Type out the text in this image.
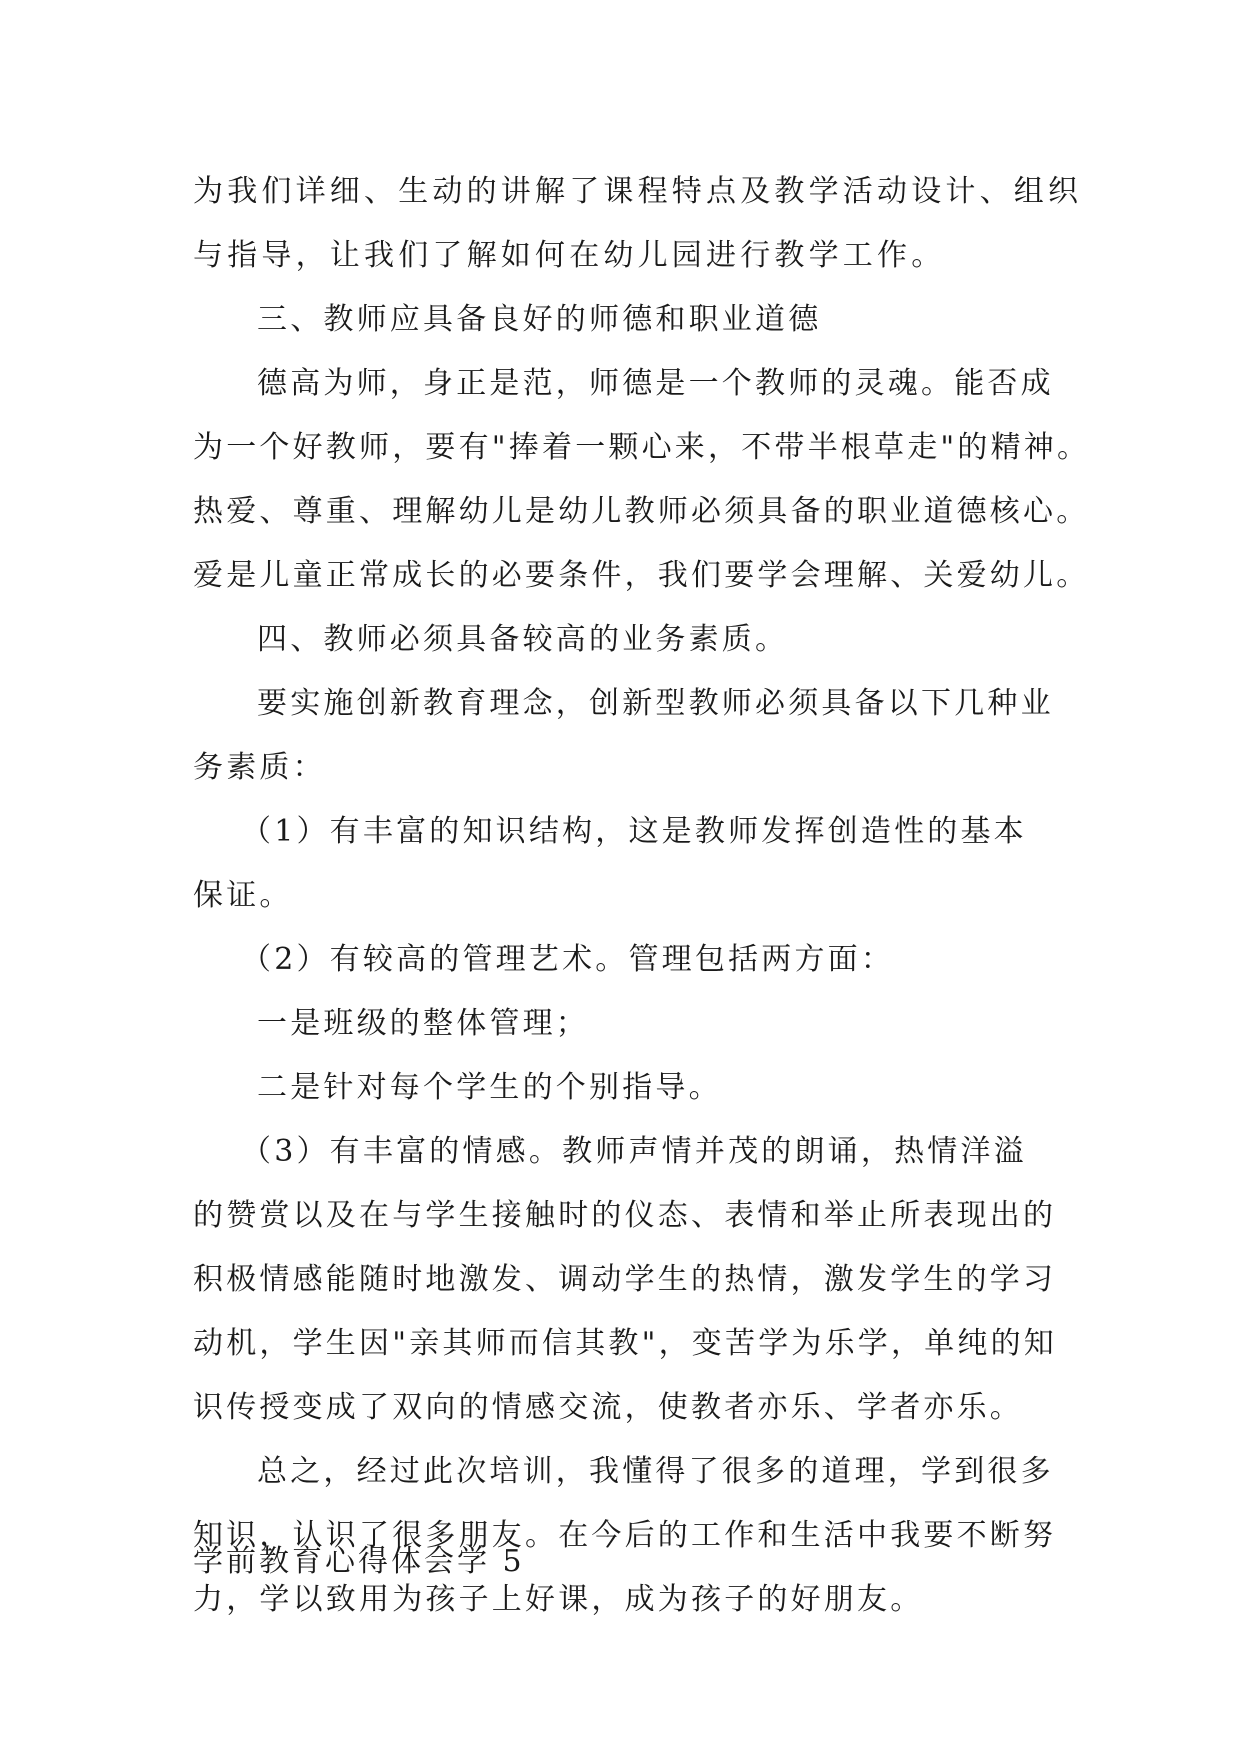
为我们详细、生动的讲解了课程特点及教学活动设计、组织
与指导，让我们了解如何在幼儿园进行教学工作。
三、教师应具备良好的师德和职业道德
德高为师，身正是范，师德是一个教师的灵魂。能否成
为一个好教师，要有"捧着一颗心来，不带半根草走"的精神。
热爱、尊重、理解幼儿是幼儿教师必须具备的职业道德核心。
爱是儿童正常成长的必要条件，我们要学会理解、关爱幼儿。
四、教师必须具备较高的业务素质。
要实施创新教育理念，创新型教师必须具备以下几种业
务素质：
（1）有丰富的知识结构，这是教师发挥创造性的基本
保证。
（2）有较高的管理艺术。管理包括两方面：
一是班级的整体管理；
二是针对每个学生的个别指导。
（3）有丰富的情感。教师声情并茂的朗诵，热情洋溢
的赞赏以及在与学生接触时的仪态、表情和举止所表现出的
积极情感能随时地激发、调动学生的热情，激发学生的学习
动机，学生因"亲其师而信其教"，变苦学为乐学，单纯的知
识传授变成了双向的情感交流，使教者亦乐、学者亦乐。
总之，经过此次培训，我懂得了很多的道理，学到很多
知识，认识了很多朋友。在今后的工作和生活中我要不断努
力，学以致用为孩子上好课，成为孩子的好朋友。
学前教育心得体会学 5
